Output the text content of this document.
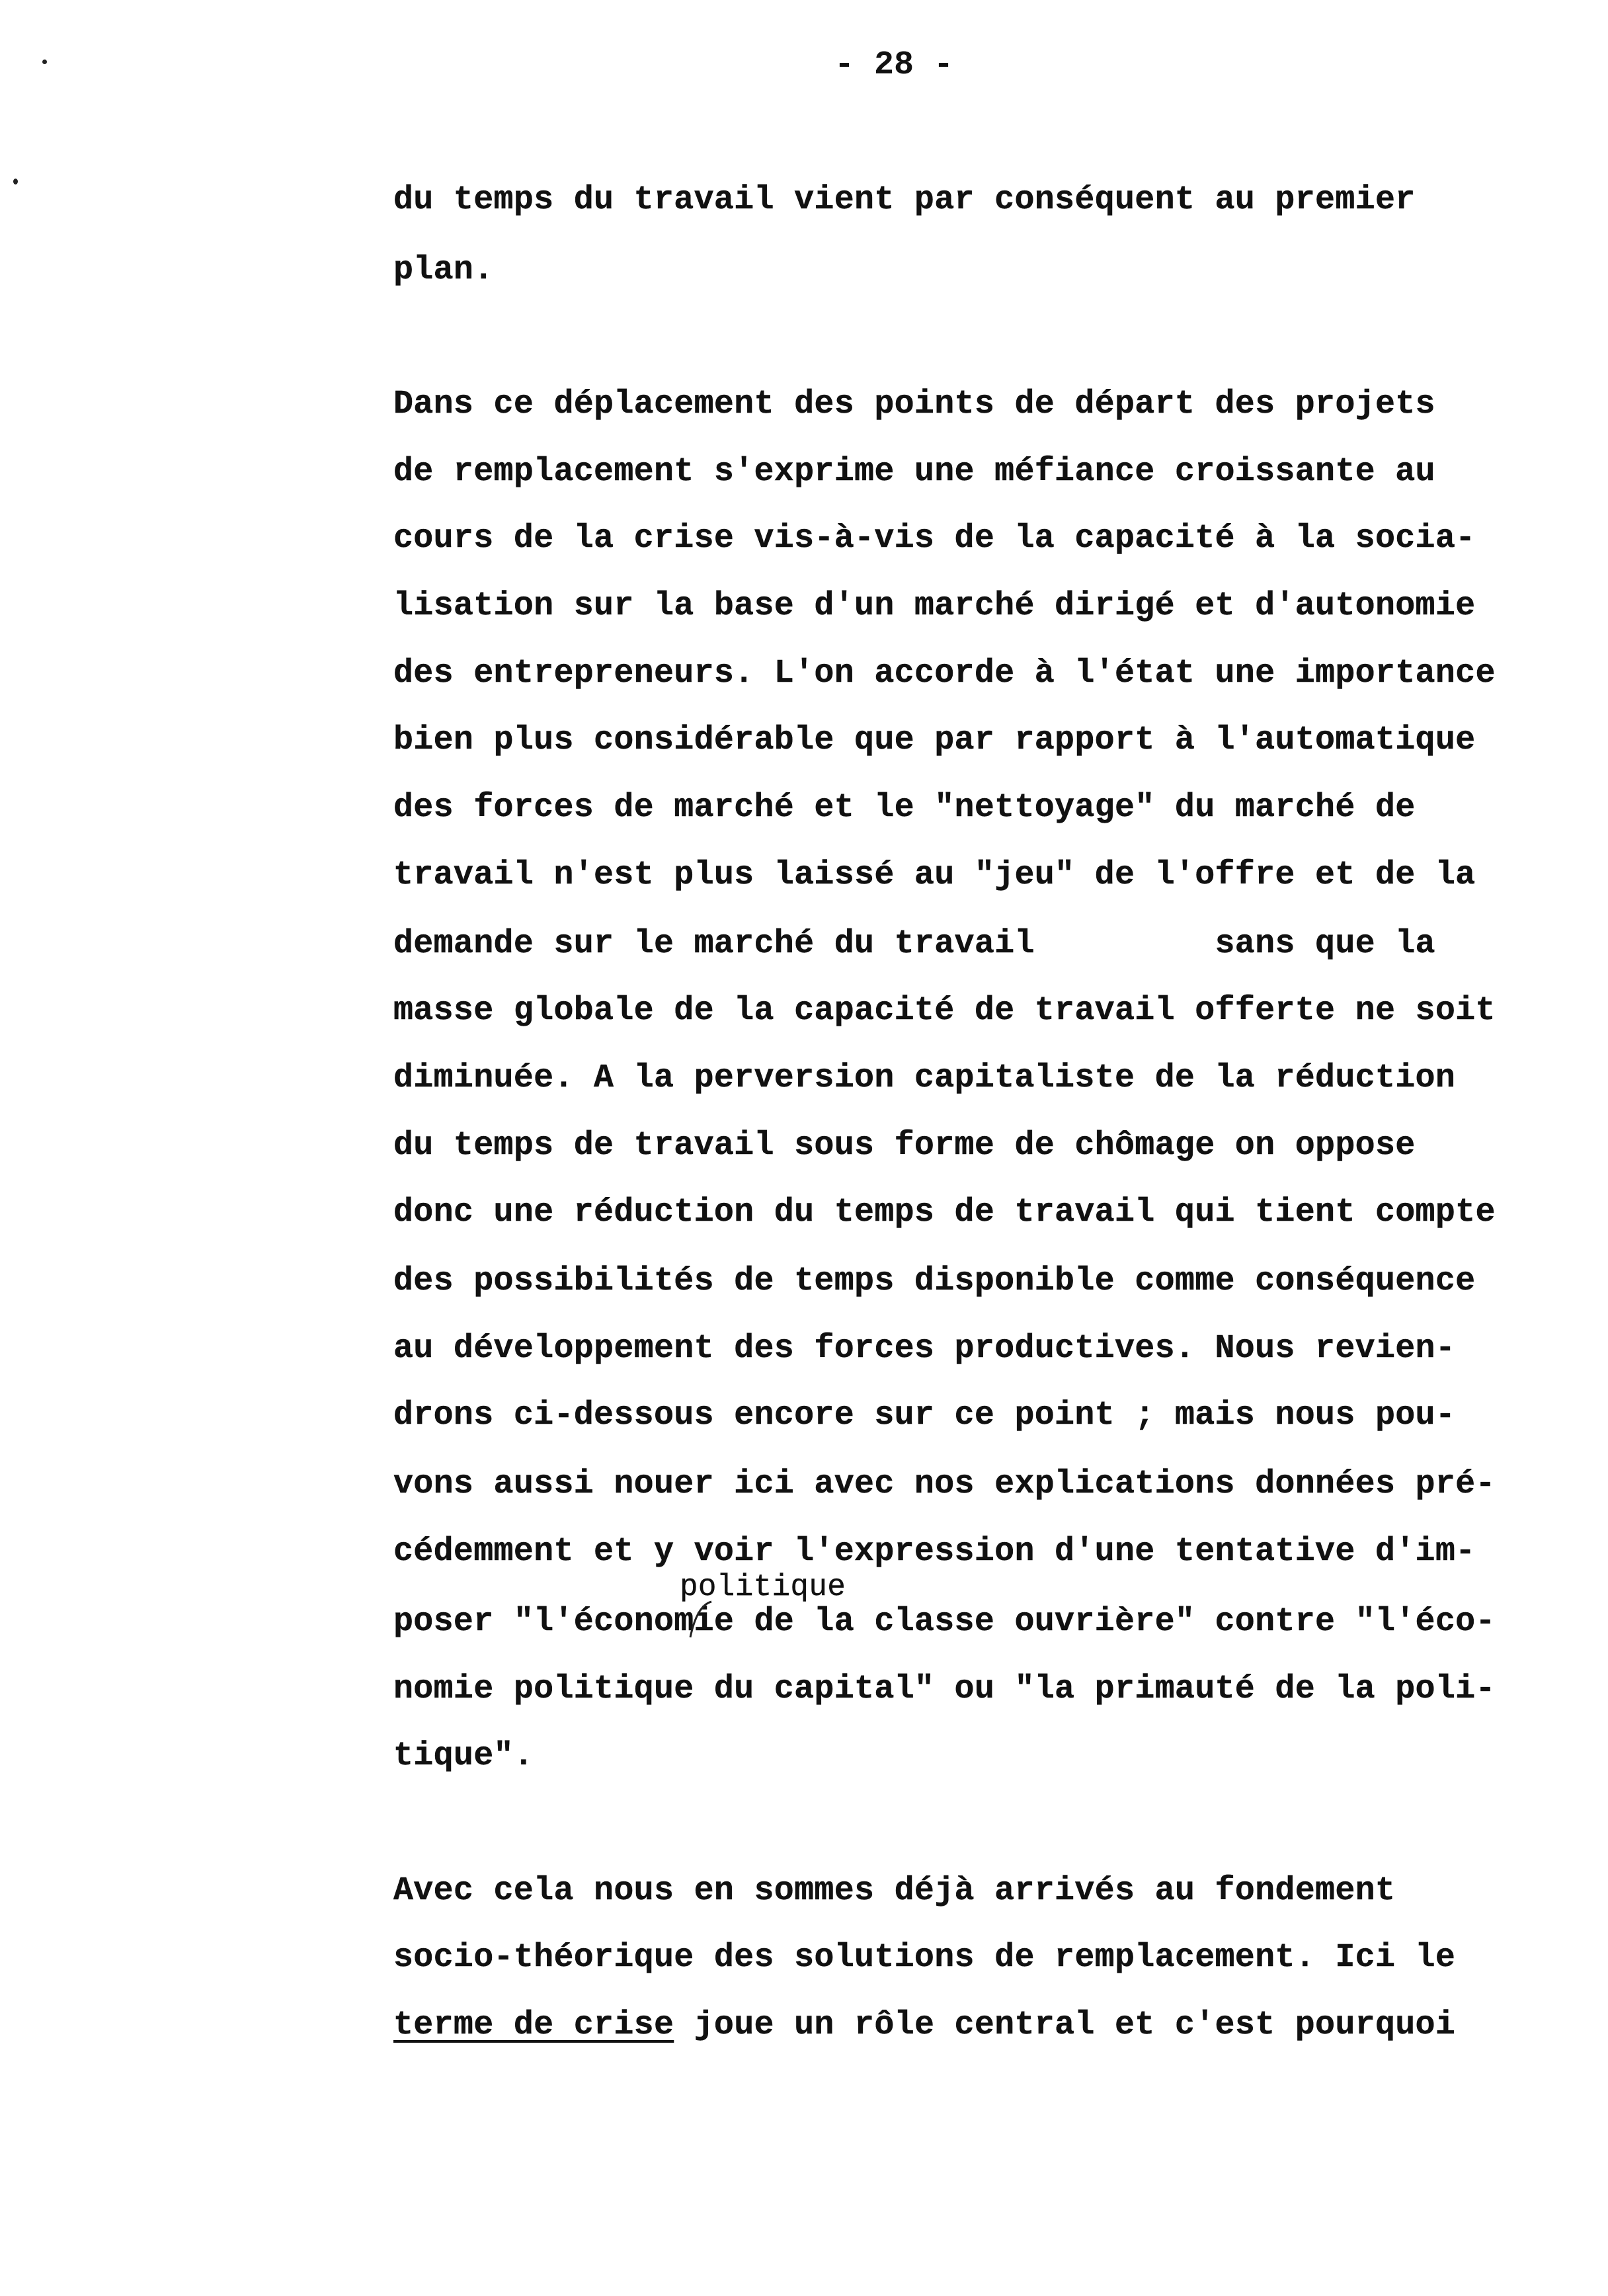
- 28 -
du temps du travail vient par conséquent au premier
plan.
Dans ce déplacement des points de départ des projets
de remplacement s'exprime une méfiance croissante au
cours de la crise vis-à-vis de la capacité à la socia-
lisation sur la base d'un marché dirigé et d'autonomie
des entrepreneurs. L'on accorde à l'état une importance
bien plus considérable que par rapport à l'automatique
des forces de marché et le "nettoyage" du marché de
travail n'est plus laissé au "jeu" de l'offre et de la
demande sur le marché du travail         sans que la
masse globale de la capacité de travail offerte ne soit
diminuée. A la perversion capitaliste de la réduction
du temps de travail sous forme de chômage on oppose
donc une réduction du temps de travail qui tient compte
des possibilités de temps disponible comme conséquence
au développement des forces productives. Nous revien-
drons ci-dessous encore sur ce point ; mais nous pou-
vons aussi nouer ici avec nos explications données pré-
cédemment et y voir l'expression d'une tentative d'im-
poser "l'économie de la classe ouvrière" contre "l'éco-
nomie politique du capital" ou "la primauté de la poli-
tique".
Avec cela nous en sommes déjà arrivés au fondement
socio-théorique des solutions de remplacement. Ici le
terme de crise joue un rôle central et c'est pourquoi
politique
